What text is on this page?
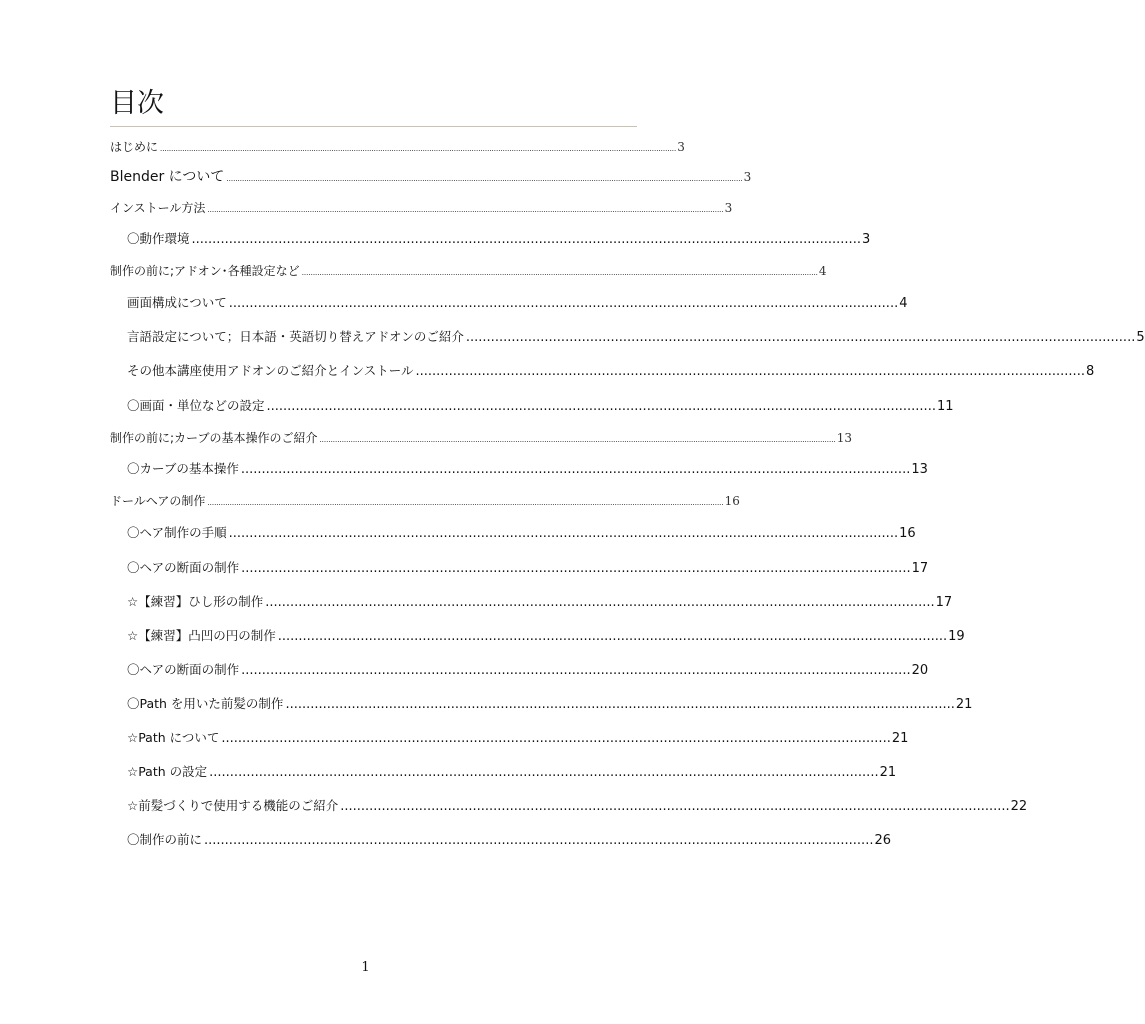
目次
はじめに ........................................................................................................................................................................................................................................ 3
Blender について ........................................................................................................................................................................................................................................ 3
インストール方法 ........................................................................................................................................................................................................................................ 3
〇動作環境 .................................................................................................................................................................. 3
制作の前に;アドオン･各種設定など ........................................................................................................................................................................................................................................ 4
画面構成について .................................................................................................................................................................. 4
言語設定について；日本語・英語切り替えアドオンのご紹介 .................................................................................................................................................................. 5
その他本講座使用アドオンのご紹介とインストール .................................................................................................................................................................. 8
〇画面・単位などの設定 .................................................................................................................................................................. 11
制作の前に;カーブの基本操作のご紹介 ........................................................................................................................................................................................................................................ 13
〇カーブの基本操作 .................................................................................................................................................................. 13
ドールヘアの制作 ........................................................................................................................................................................................................................................ 16
〇ヘア制作の手順 .................................................................................................................................................................. 16
〇ヘアの断面の制作 .................................................................................................................................................................. 17
☆【練習】ひし形の制作 .................................................................................................................................................................. 17
☆【練習】凸凹の円の制作 .................................................................................................................................................................. 19
〇ヘアの断面の制作 .................................................................................................................................................................. 20
〇Path を用いた前髪の制作 .................................................................................................................................................................. 21
☆Path について .................................................................................................................................................................. 21
☆Path の設定 .................................................................................................................................................................. 21
☆前髪づくりで使用する機能のご紹介 .................................................................................................................................................................. 22
〇制作の前に .................................................................................................................................................................. 26
1
